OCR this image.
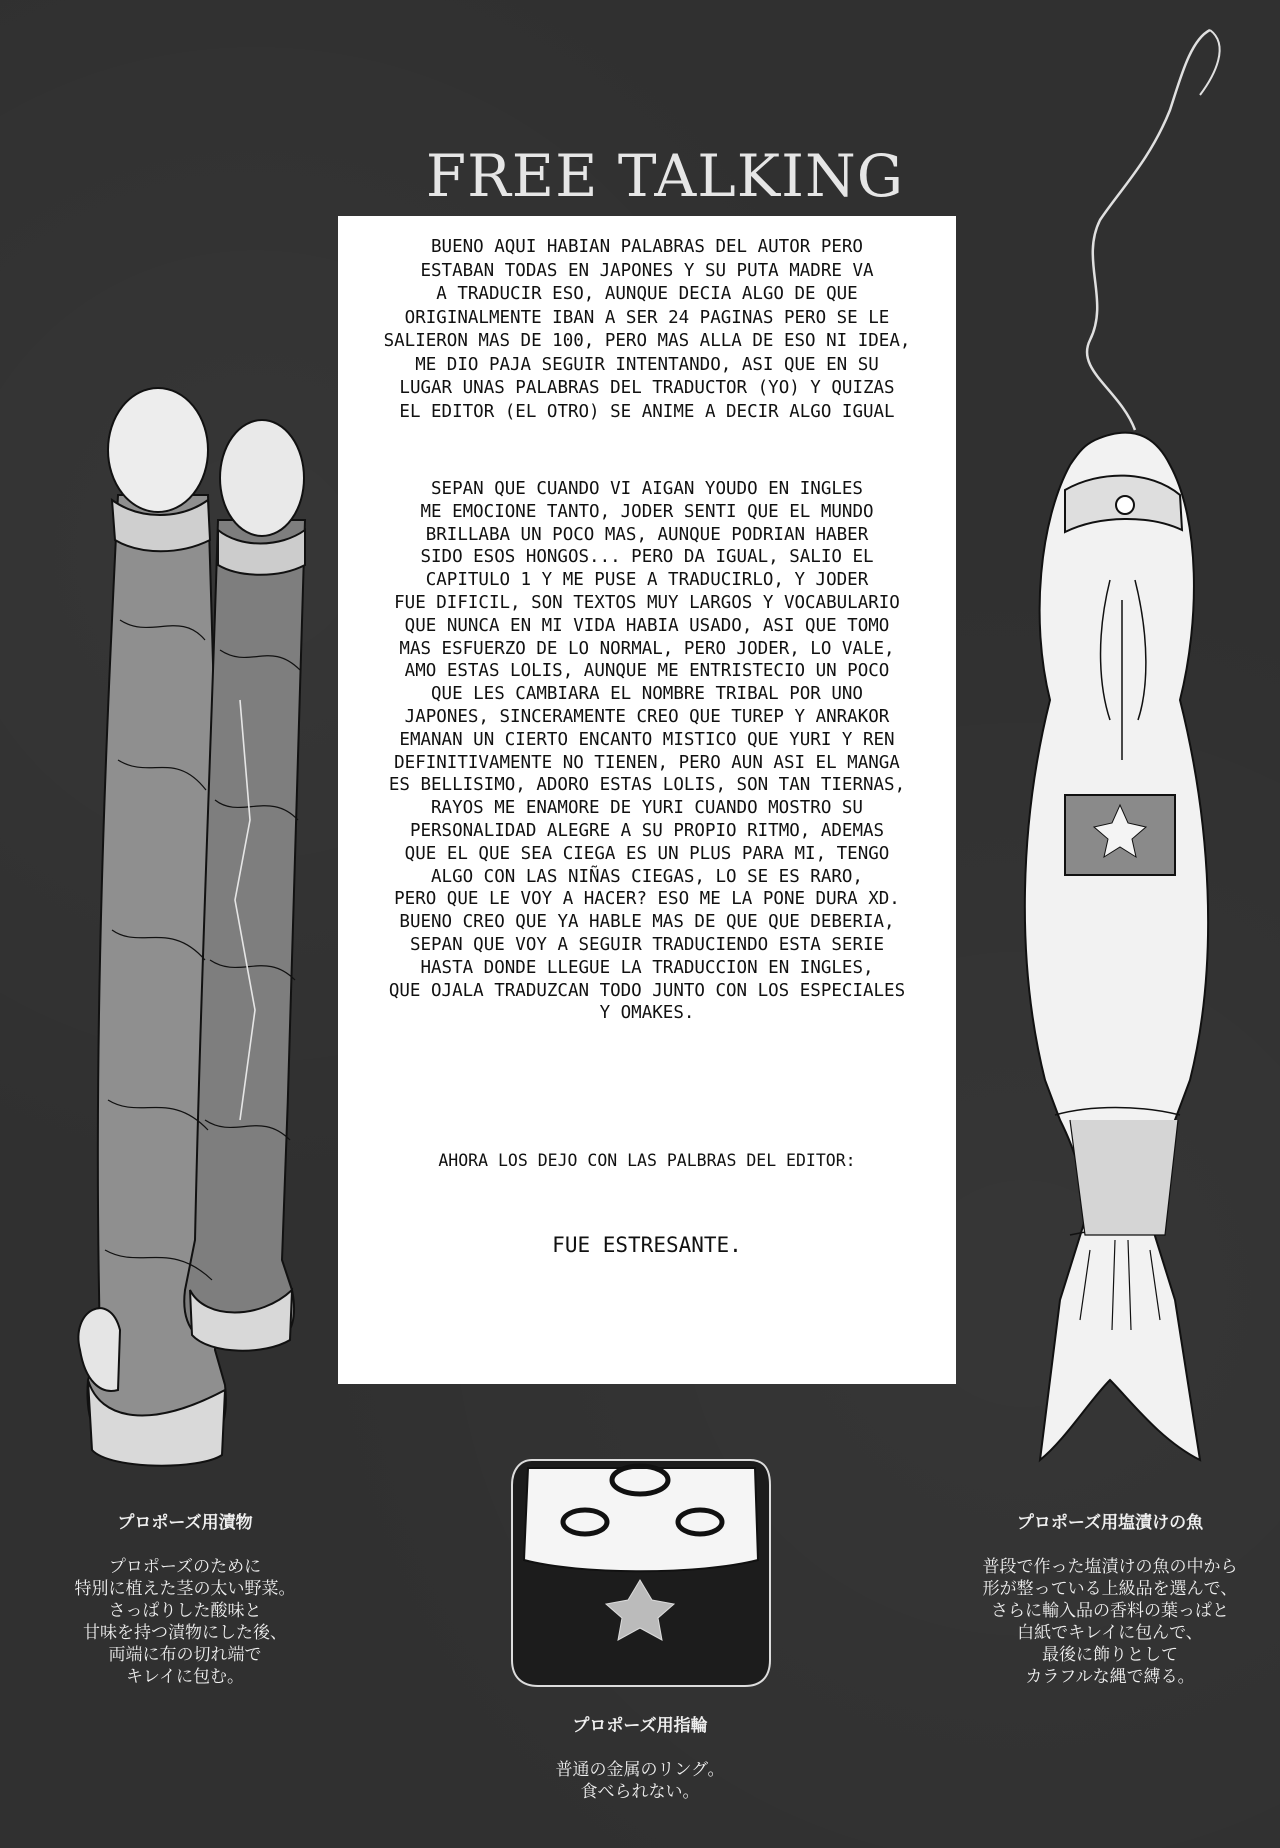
FREE TALKING

BUENO AQUI HABIAN PALABRAS DEL AUTOR PERO
ESTABAN TODAS EN JAPONES Y SU PUTA MADRE VA
A TRADUCIR ESO, AUNQUE DECIA ALGO DE QUE
ORIGINALMENTE IBAN A SER 24 PAGINAS PERO SE LE
SALIERON MAS DE 100, PERO MAS ALLA DE ESO NI IDEA,
ME DIO PAJA SEGUIR INTENTANDO, ASI QUE EN SU
LUGAR UNAS PALABRAS DEL TRADUCTOR (YO) Y QUIZAS
EL EDITOR (EL OTRO) SE ANIME A DECIR ALGO IGUAL

SEPAN QUE CUANDO VI AIGAN YOUDO EN INGLES
ME EMOCIONE TANTO, JODER SENTI QUE EL MUNDO
BRILLABA UN POCO MAS, AUNQUE PODRIAN HABER
SIDO ESOS HONGOS... PERO DA IGUAL, SALIO EL
CAPITULO 1 Y ME PUSE A TRADUCIRLO, Y JODER
FUE DIFICIL, SON TEXTOS MUY LARGOS Y VOCABULARIO
QUE NUNCA EN MI VIDA HABIA USADO, ASI QUE TOMO
MAS ESFUERZO DE LO NORMAL, PERO JODER, LO VALE,
AMO ESTAS LOLIS, AUNQUE ME ENTRISTECIO UN POCO
QUE LES CAMBIARA EL NOMBRE TRIBAL POR UNO
JAPONES, SINCERAMENTE CREO QUE TUREP Y ANRAKOR
EMANAN UN CIERTO ENCANTO MISTICO QUE YURI Y REN
DEFINITIVAMENTE NO TIENEN, PERO AUN ASI EL MANGA
ES BELLISIMO, ADORO ESTAS LOLIS, SON TAN TIERNAS,
RAYOS ME ENAMORE DE YURI CUANDO MOSTRO SU
PERSONALIDAD ALEGRE A SU PROPIO RITMO, ADEMAS
QUE EL QUE SEA CIEGA ES UN PLUS PARA MI, TENGO
ALGO CON LAS NIÑAS CIEGAS, LO SE ES RARO,
PERO QUE LE VOY A HACER? ESO ME LA PONE DURA XD.
BUENO CREO QUE YA HABLE MAS DE QUE QUE DEBERIA,
SEPAN QUE VOY A SEGUIR TRADUCIENDO ESTA SERIE
HASTA DONDE LLEGUE LA TRADUCCION EN INGLES,
QUE OJALA TRADUZCAN TODO JUNTO CON LOS ESPECIALES
Y OMAKES.

AHORA LOS DEJO CON LAS PALBRAS DEL EDITOR:

FUE ESTRESANTE.

プロポーズ用漬物

プロポーズのために
特別に植えた茎の太い野菜。
さっぱりした酸味と
甘味を持つ漬物にした後、
両端に布の切れ端で
キレイに包む。

プロポーズ用指輪

普通の金属のリング。
食べられない。

プロポーズ用塩漬けの魚

普段で作った塩漬けの魚の中から
形が整っている上級品を選んで、
さらに輸入品の香料の葉っぱと
白紙でキレイに包んで、
最後に飾りとして
カラフルな縄で縛る。
